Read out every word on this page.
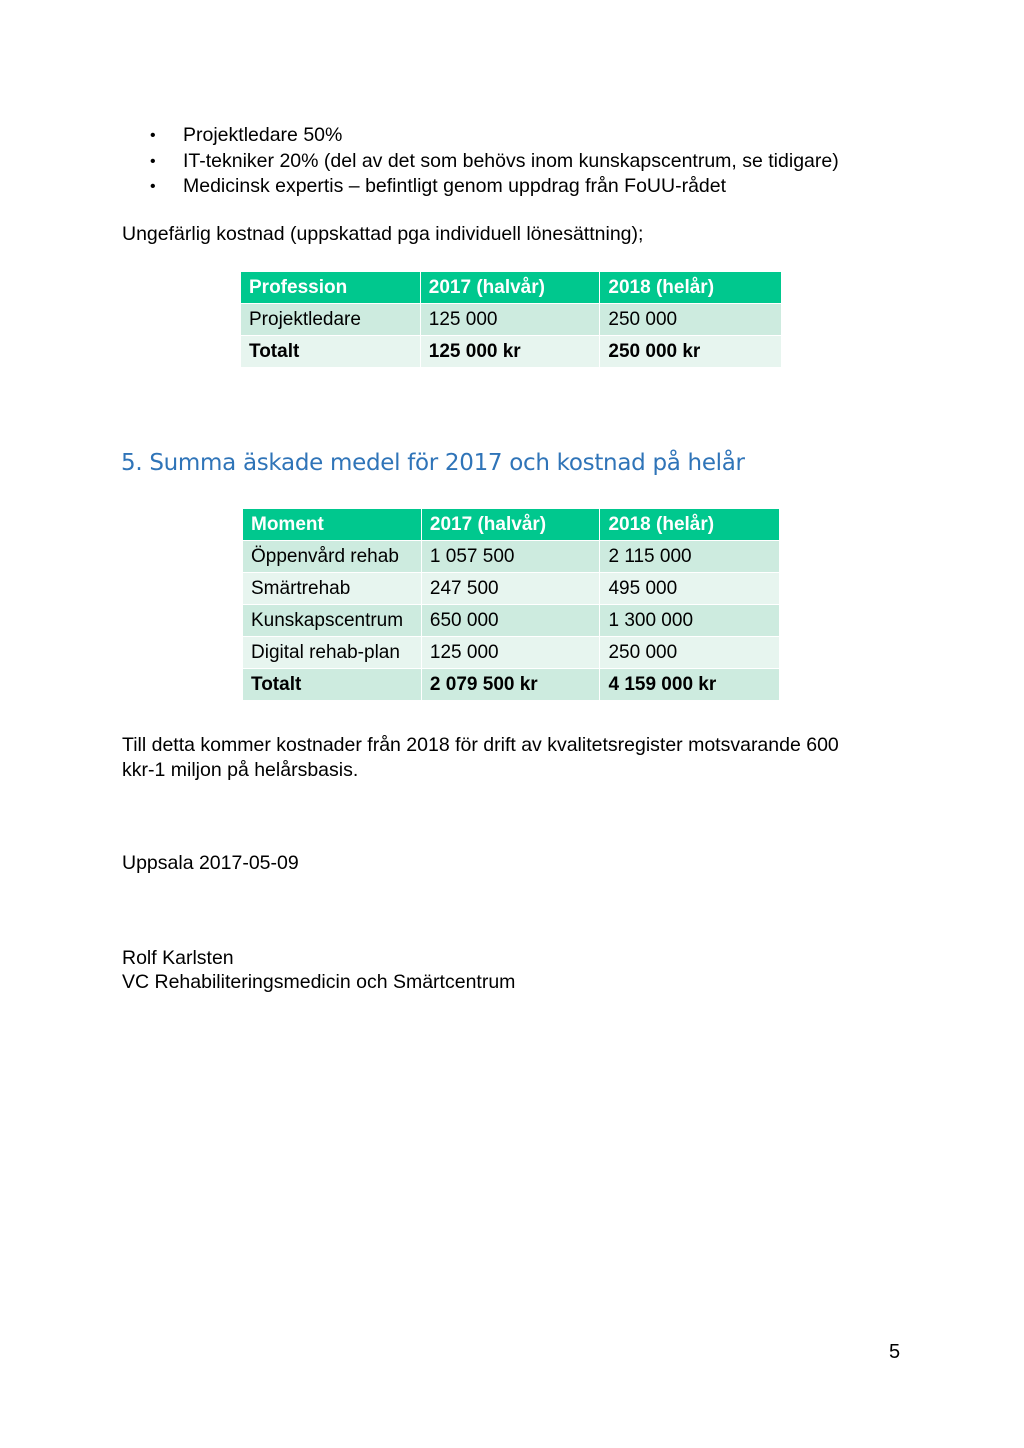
• Projektledare 50%
• IT-tekniker 20% (del av det som behövs inom kunskapscentrum, se tidigare)
• Medicinsk expertis – befintligt genom uppdrag från FoUU-rådet

Ungefärlig kostnad (uppskattad pga individuell lönesättning);

Profession	2017 (halvår)	2018 (helår)
Projektledare	125 000	250 000
Totalt	125 000 kr	250 000 kr
5. Summa äskade medel för 2017 och kostnad på helår
Moment	2017 (halvår)	2018 (helår)
Öppenvård rehab	1 057 500	2 115 000
Smärtrehab	247 500	495 000
Kunskapscentrum	650 000	1 300 000
Digital rehab-plan	125 000	250 000
Totalt	2 079 500 kr	4 159 000 kr

Till detta kommer kostnader från 2018 för drift av kvalitetsregister motsvarande 600
kkr-1 miljon på helårsbasis.

Uppsala 2017-05-09

Rolf Karlsten

VC Rehabiliteringsmedicin och Smärtcentrum

5
